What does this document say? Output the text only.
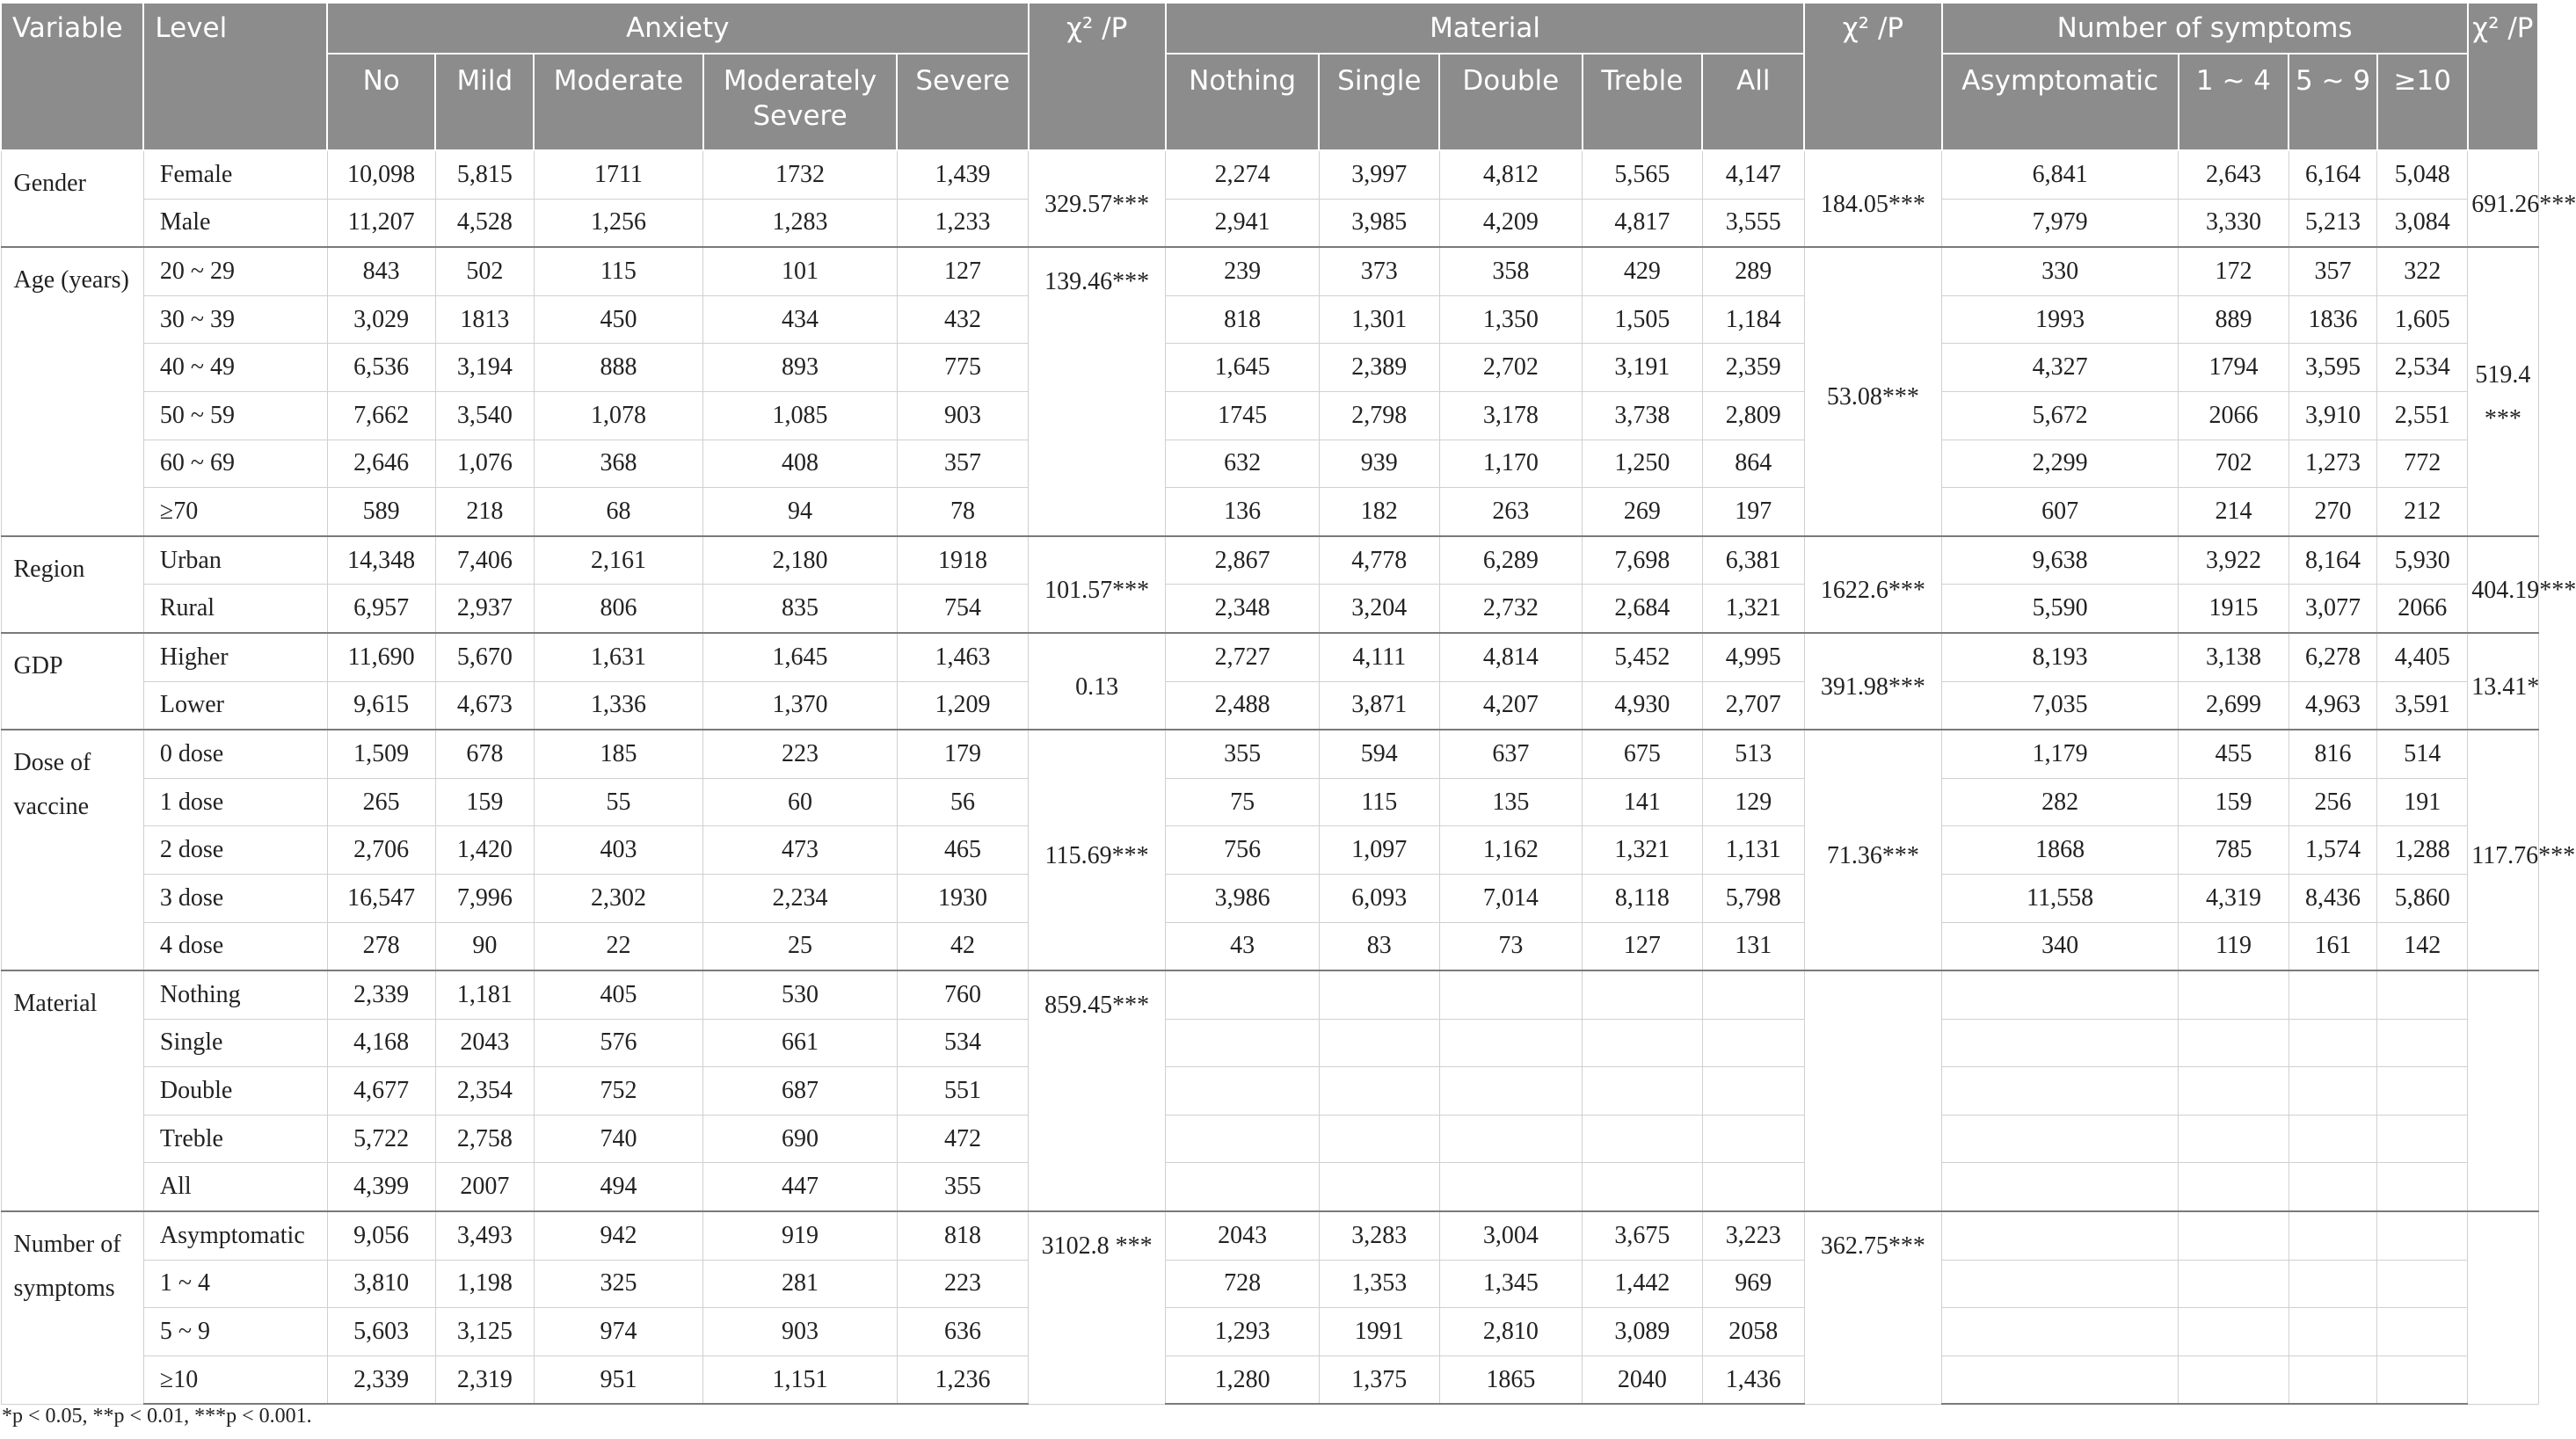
Variable	Level	Anxiety					χ² /P	Material					χ² /P	Number of symptoms				χ² /P
		No	Mild	Moderate	Moderately Severe	Severe		Nothing	Single	Double	Treble	All		Asymptomatic	1 ~ 4	5 ~ 9	≥10	
Gender	Female	10,098	5,815	1711	1732	1,439	329.57***	2,274	3,997	4,812	5,565	4,147	184.05***	6,841	2,643	6,164	5,048	691.26***
	Male	11,207	4,528	1,256	1,283	1,233		2,941	3,985	4,209	4,817	3,555		7,979	3,330	5,213	3,084	
Age (years)	20 ~ 29	843	502	115	101	127	139.46***	239	373	358	429	289	53.08***	330	172	357	322	519.4 ***
	30 ~ 39	3,029	1813	450	434	432		818	1,301	1,350	1,505	1,184		1993	889	1836	1,605	
	40 ~ 49	6,536	3,194	888	893	775		1,645	2,389	2,702	3,191	2,359		4,327	1794	3,595	2,534	
	50 ~ 59	7,662	3,540	1,078	1,085	903		1745	2,798	3,178	3,738	2,809		5,672	2066	3,910	2,551	
	60 ~ 69	2,646	1,076	368	408	357		632	939	1,170	1,250	864		2,299	702	1,273	772	
	≥70	589	218	68	94	78		136	182	263	269	197		607	214	270	212	
Region	Urban	14,348	7,406	2,161	2,180	1918	101.57***	2,867	4,778	6,289	7,698	6,381	1622.6***	9,638	3,922	8,164	5,930	404.19***
	Rural	6,957	2,937	806	835	754		2,348	3,204	2,732	2,684	1,321		5,590	1915	3,077	2066	
GDP	Higher	11,690	5,670	1,631	1,645	1,463	0.13	2,727	4,111	4,814	5,452	4,995	391.98***	8,193	3,138	6,278	4,405	13.41*
	Lower	9,615	4,673	1,336	1,370	1,209		2,488	3,871	4,207	4,930	2,707		7,035	2,699	4,963	3,591	
Dose of vaccine	0 dose	1,509	678	185	223	179	115.69***	355	594	637	675	513	71.36***	1,179	455	816	514	117.76***
	1 dose	265	159	55	60	56		75	115	135	141	129		282	159	256	191	
	2 dose	2,706	1,420	403	473	465		756	1,097	1,162	1,321	1,131		1868	785	1,574	1,288	
	3 dose	16,547	7,996	2,302	2,234	1930		3,986	6,093	7,014	8,118	5,798		11,558	4,319	8,436	5,860	
	4 dose	278	90	22	25	42		43	83	73	127	131		340	119	161	142	
Material	Nothing	2,339	1,181	405	530	760	859.45***											
	Single	4,168	2043	576	661	534												
	Double	4,677	2,354	752	687	551												
	Treble	5,722	2,758	740	690	472												
	All	4,399	2007	494	447	355												
Number of symptoms	Asymptomatic	9,056	3,493	942	919	818	3102.8 ***	2043	3,283	3,004	3,675	3,223	362.75***					
	1 ~ 4	3,810	1,198	325	281	223		728	1,353	1,345	1,442	969						
	5 ~ 9	5,603	3,125	974	903	636		1,293	1991	2,810	3,089	2058						
	≥10	2,339	2,319	951	1,151	1,236		1,280	1,375	1865	2040	1,436						
*p < 0.05, **p < 0.01, ***p < 0.001.
